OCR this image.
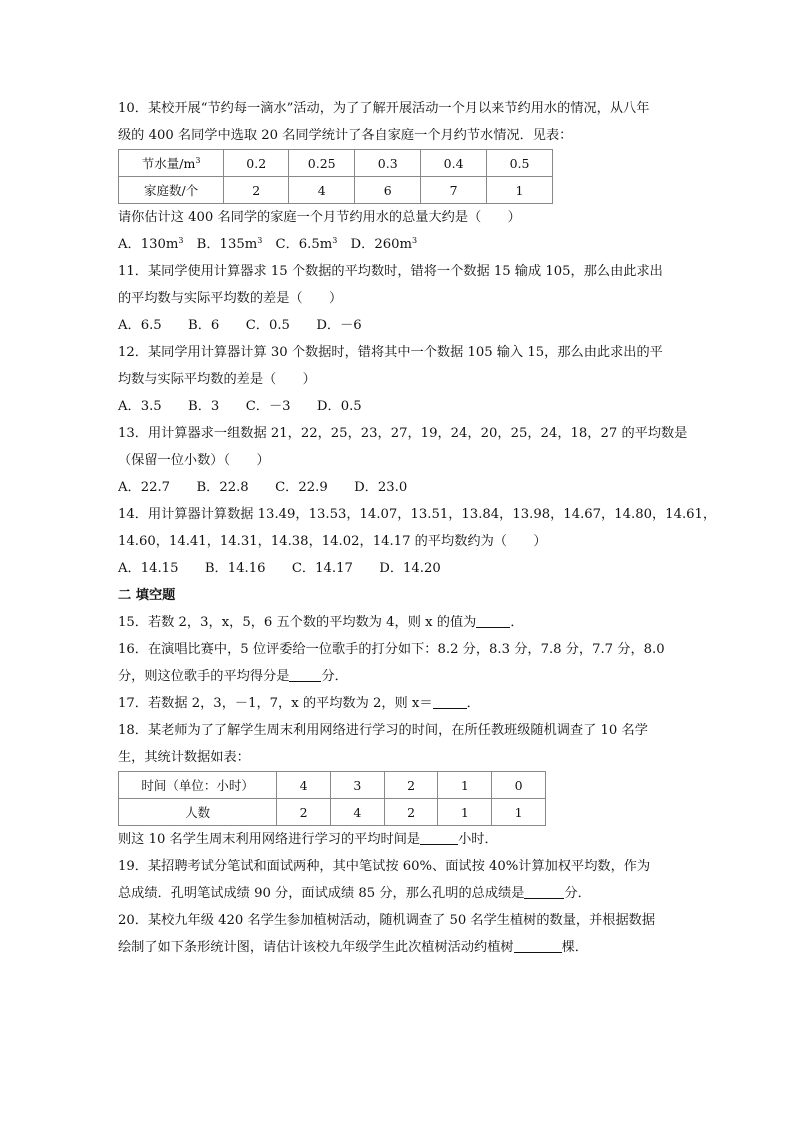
10．某校开展“节约每一滴水”活动，为了了解开展活动一个月以来节约用水的情况，从八年
级的 400 名同学中选取 20 名同学统计了各自家庭一个月约节水情况．见表：
节水量$/m^3$	0.2	0.25	0.3	0.4	0.5
家庭数/个	2	4	6	7	1
请你估计这 400 名同学的家庭一个月节约用水的总量大约是（　　）
A．$130m^3$　B．$135m^3$　C．$6.5m^3$　D．$260m^3$
11．某同学使用计算器求 15 个数据的平均数时，错将一个数据 15 输成 105，那么由此求出
的平均数与实际平均数的差是（　　）
A．6.5　　B．6　　C．0.5　　D．－6
12．某同学用计算器计算 30 个数据时，错将其中一个数据 105 输入 15，那么由此求出的平
均数与实际平均数的差是（　　）
A．3.5　　B．3　　C．－3　　D．0.5
13．用计算器求一组数据 21，22，25，23，27，19，24，20，25，24，18，27 的平均数是
（保留一位小数）（　　）
A．22.7　　B．22.8　　C．22.9　　D．23.0
14．用计算器计算数据 13.49，13.53，14.07，13.51，13.84，13.98，14.67，14.80，14.61，
14.60，14.41，14.31，14.38，14.02，14.17 的平均数约为（　　）
A．14.15　　B．14.16　　C．14.17　　D．14.20
二 填空题
15．若数 2，3，x，5，6 五个数的平均数为 4，则 x 的值为	．
16．在演唱比赛中，5 位评委给一位歌手的打分如下：8.2 分，8.3 分，7.8 分，7.7 分，8.0
分，则这位歌手的平均得分是 分．
17．若数据 2，3，－1，7，x 的平均数为 2，则 x＝	．
18．某老师为了了解学生周末利用网络进行学习的时间，在所任教班级随机调查了 10 名学
生，其统计数据如表：
时间（单位：小时）	4	3	2	1	0
人数	2	4	2	1	1
则这 10 名学生周末利用网络进行学习的平均时间是	小时．
19．某招聘考试分笔试和面试两种，其中笔试按 60%、面试按 40%计算加权平均数，作为
总成绩．孔明笔试成绩 90 分，面试成绩 85 分，那么孔明的总成绩是	分．
20．某校九年级 420 名学生参加植树活动，随机调查了 50 名学生植树的数量，并根据数据
绘制了如下条形统计图，请估计该校九年级学生此次植树活动约植树	棵．
